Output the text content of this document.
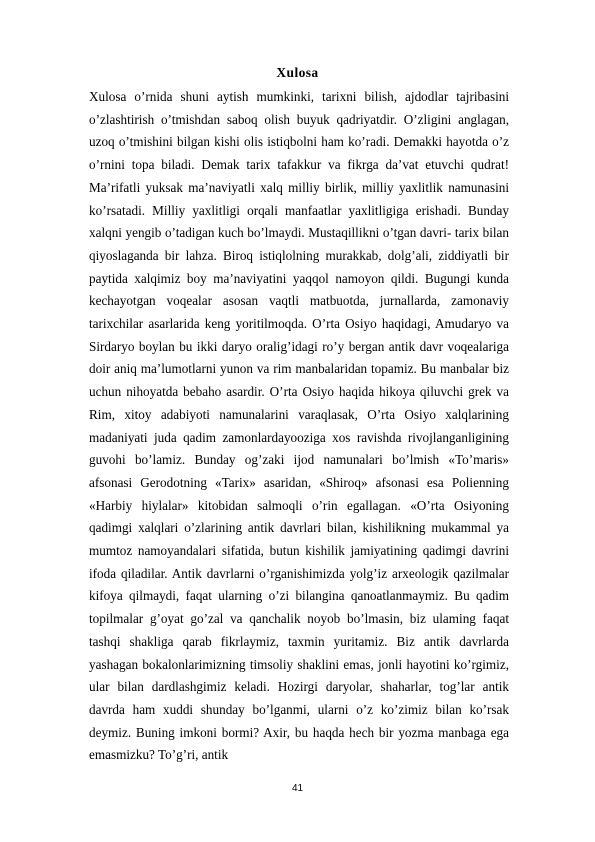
Xulosa

Xulosa o’rnida shuni aytish mumkinki, tarixni bilish, ajdodlar tajribasini o’zlashtirish o’tmishdan saboq olish buyuk qadriyatdir. O’zligini anglagan, uzoq o’tmishini bilgan kishi olis istiqbolni ham ko’radi. Demakki hayotda o’z o’rnini topa biladi. Demak tarix tafakkur va fikrga da’vat etuvchi qudrat! Ma’rifatli yuksak ma’naviyatli xalq milliy birlik, milliy yaxlitlik namunasini ko’rsatadi. Milliy yaxlitligi orqali manfaatlar yaxlitligiga erishadi. Bunday xalqni yengib o’tadigan kuch bo’lmaydi. Mustaqillikni o’tgan davri- tarix bilan qiyoslaganda bir lahza. Biroq istiqlolning murakkab, dolg’ali, ziddiyatli bir paytida xalqimiz boy ma’naviyatini yaqqol namoyon qildi. Bugungi kunda kechayotgan voqealar asosan vaqtli matbuotda, jurnallarda, zamonaviy tarixchilar asarlarida keng yoritilmoqda. O’rta Osiyo haqidagi, Amudaryo va Sirdaryo boylan bu ikki daryo oralig’idagi ro’y bergan antik davr voqealariga doir aniq ma’lumotlarni yunon va rim manbalaridan topamiz. Bu manbalar biz uchun nihoyatda bebaho asardir. O’rta Osiyo haqida hikoya qiluvchi grek va Rim, xitoy adabiyoti namunalarini varaqlasak, O’rta Osiyo xalqlarining madaniyati juda qadim zamonlardayooziga xos ravishda rivojlanganligining guvohi bo’lamiz. Bunday og’zaki ijod namunalari bo’lmish «To’maris» afsonasi Gerodotning «Tarix» asaridan, «Shiroq» afsonasi esa Polienning «Harbiy hiylalar» kitobidan salmoqli o’rin egallagan. «O’rta Osiyoning qadimgi xalqlari o’zlarining antik davrlari bilan, kishilikning mukammal ya mumtoz namoyandalari sifatida, butun kishilik jamiyatining qadimgi davrini ifoda qiladilar. Antik davrlarni o’rganishimizda yolg’iz arxeologik qazilmalar kifoya qilmaydi, faqat ularning o’zi bilangina qanoatlanmaymiz. Bu qadim topilmalar g’oyat go’zal va qanchalik noyob bo’lmasin, biz ulаming faqat tashqi shakliga qarab fikrlaymiz, taxmin yuritamiz. Biz antik davrlarda yashagan bokalonlarimizning timsoliy shaklini emas, jonli hayotini ko’rgimiz, ular bilan dardlashgimiz keladi. Hozirgi daryolar, shaharlar, tog’lar antik davrda ham xuddi shunday bo’lganmi, ularni o’z ko’zimiz bilan ko’rsak deymiz. Buning imkoni bormi? Axir, bu haqda hech bir yozma manbaga ega emasmizku? To’g’ri, antik

41
